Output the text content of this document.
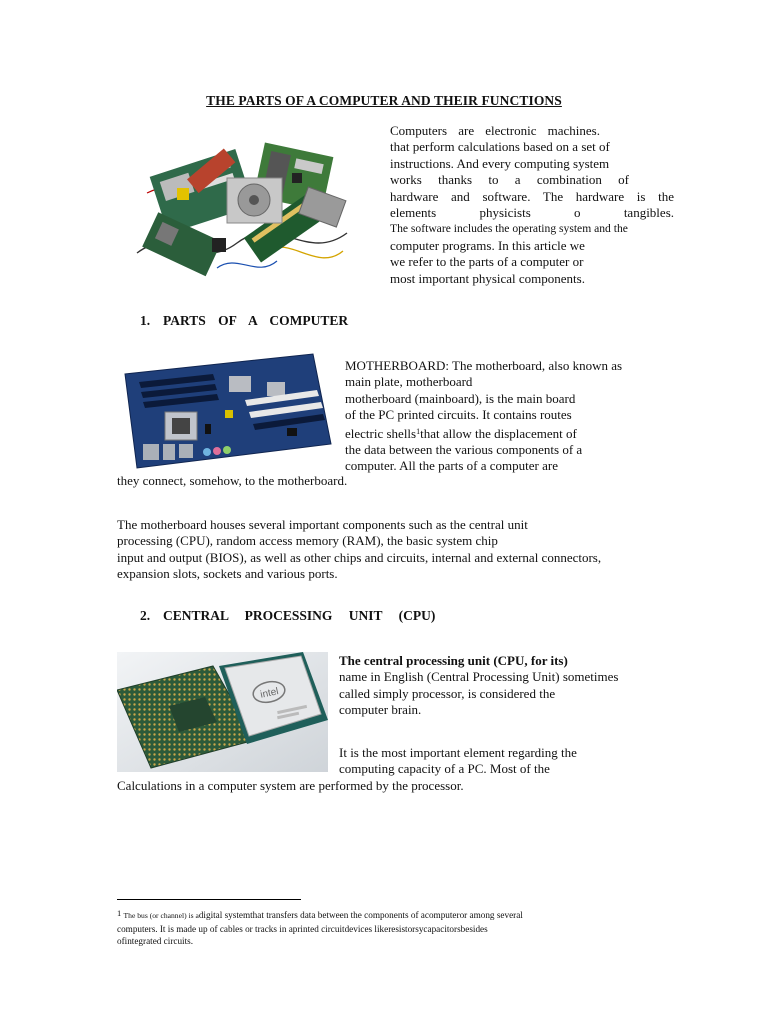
THE PARTS OF A COMPUTER AND THEIR FUNCTIONS
Computers are electronic machines.
that perform calculations based on a set of
instructions. And every computing system
works thanks to a combination of
hardware and software. The hardware is the
elements physicists o tangibles.
The software includes the operating system and the
computer programs. In this article we
we refer to the parts of a computer or
most important physical components.
1. PARTS OF A COMPUTER
MOTHERBOARD: The motherboard, also known as
main plate, motherboard
motherboard (mainboard), is the main board
of the PC printed circuits. It contains routes
electric shells$^1$that allow the displacement of
the data between the various components of a
computer. All the parts of a computer are
they connect, somehow, to the motherboard.
The motherboard houses several important components such as the central unit
processing (CPU), random access memory (RAM), the basic system chip
input and output (BIOS), as well as other chips and circuits, internal and external connectors,
expansion slots, sockets and various ports.
2. CENTRAL PROCESSING UNIT (CPU)
intel
The central processing unit (CPU, for its)
name in English (Central Processing Unit) sometimes
called simply processor, is considered the
computer brain.
It is the most important element regarding the
computing capacity of a PC. Most of the
Calculations in a computer system are performed by the processor.
$^1$ The bus (or channel) is adigital systemthat transfers data between the components of acomputeror among several
computers. It is made up of cables or tracks in aprinted circuitdevices likeresistorsycapacitorsbesides
ofintegrated circuits.
